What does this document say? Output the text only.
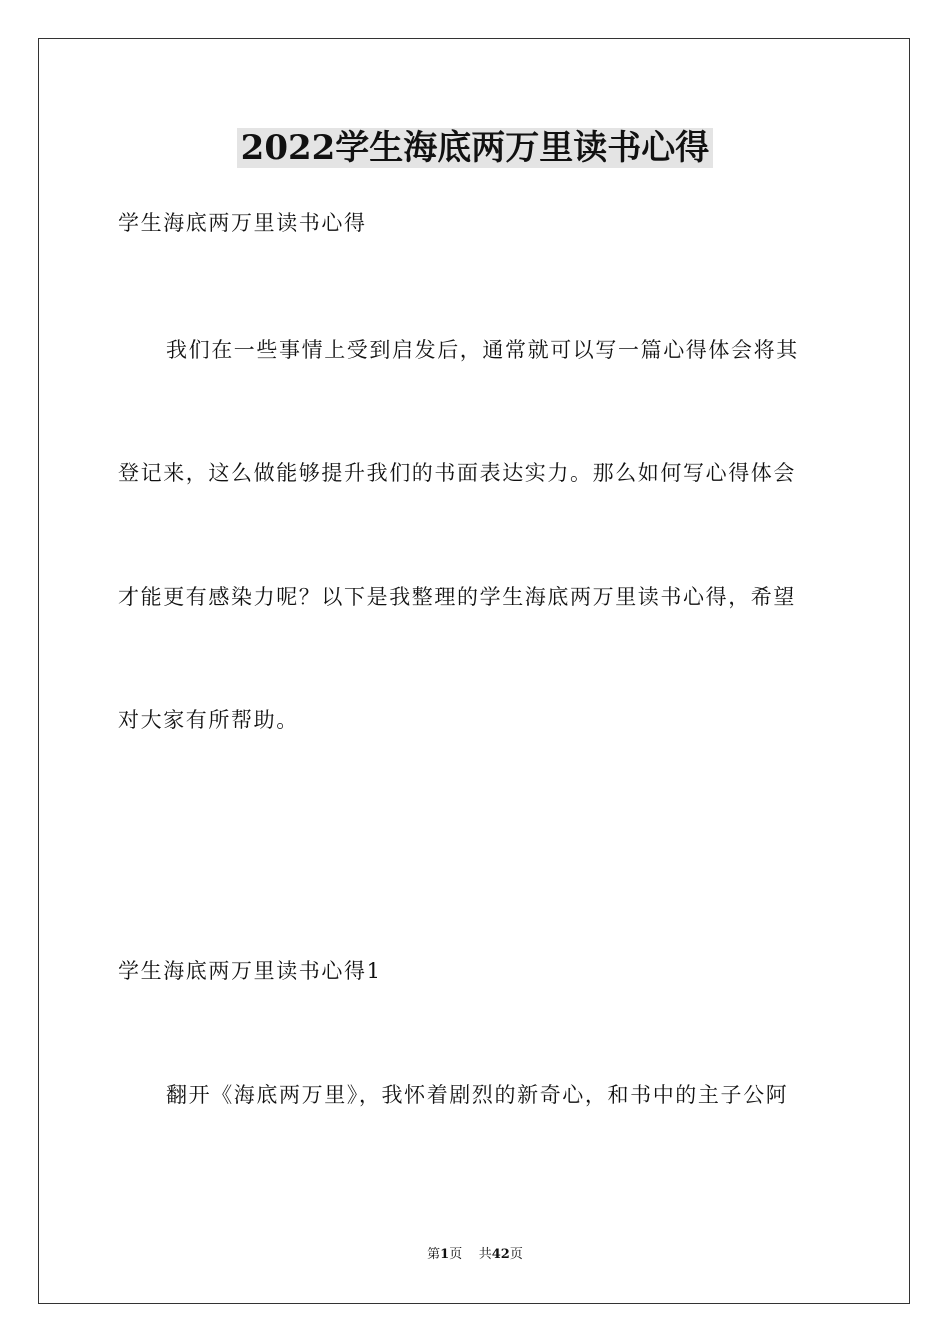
2022学生海底两万里读书心得
学生海底两万里读书心得
我们在一些事情上受到启发后，通常就可以写一篇心得体会将其
登记来，这么做能够提升我们的书面表达实力。那么如何写心得体会
才能更有感染力呢？以下是我整理的学生海底两万里读书心得，希望
对大家有所帮助。
学生海底两万里读书心得1
翻开《海底两万里》，我怀着剧烈的新奇心，和书中的主子公阿
第1页 共42页
